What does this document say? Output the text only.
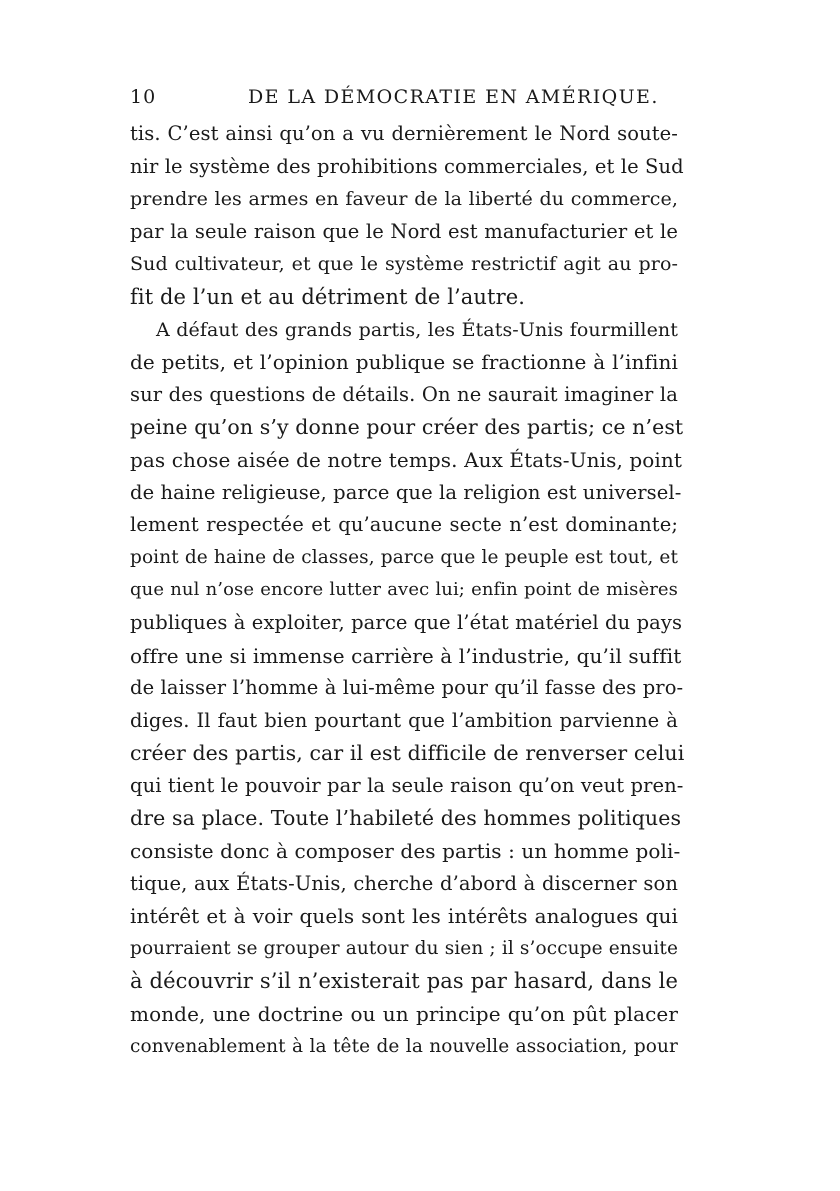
10	DE LA DÉMOCRATIE EN AMÉRIQUE.
tis. C’est ainsi qu’on a vu dernièrement le Nord soute-
nir le système des prohibitions commerciales, et le Sud
prendre les armes en faveur de la liberté du commerce,
par la seule raison que le Nord est manufacturier et le
Sud cultivateur, et que le système restrictif agit au pro-
fit de l’un et au détriment de l’autre.
A défaut des grands partis, les États-Unis fourmillent
de petits, et l’opinion publique se fractionne à l’infini
sur des questions de détails. On ne saurait imaginer la
peine qu’on s’y donne pour créer des partis; ce n’est
pas chose aisée de notre temps. Aux États-Unis, point
de haine religieuse, parce que la religion est universel-
lement respectée et qu’aucune secte n’est dominante;
point de haine de classes, parce que le peuple est tout, et
que nul n’ose encore lutter avec lui; enfin point de misères
publiques à exploiter, parce que l’état matériel du pays
offre une si immense carrière à l’industrie, qu’il suffit
de laisser l’homme à lui-même pour qu’il fasse des pro-
diges. Il faut bien pourtant que l’ambition parvienne à
créer des partis, car il est difficile de renverser celui
qui tient le pouvoir par la seule raison qu’on veut pren-
dre sa place. Toute l’habileté des hommes politiques
consiste donc à composer des partis : un homme poli-
tique, aux États-Unis, cherche d’abord à discerner son
intérêt et à voir quels sont les intérêts analogues qui
pourraient se grouper autour du sien ; il s’occupe ensuite
à découvrir s’il n’existerait pas par hasard, dans le
monde, une doctrine ou un principe qu’on pût placer
convenablement à la tête de la nouvelle association, pour
